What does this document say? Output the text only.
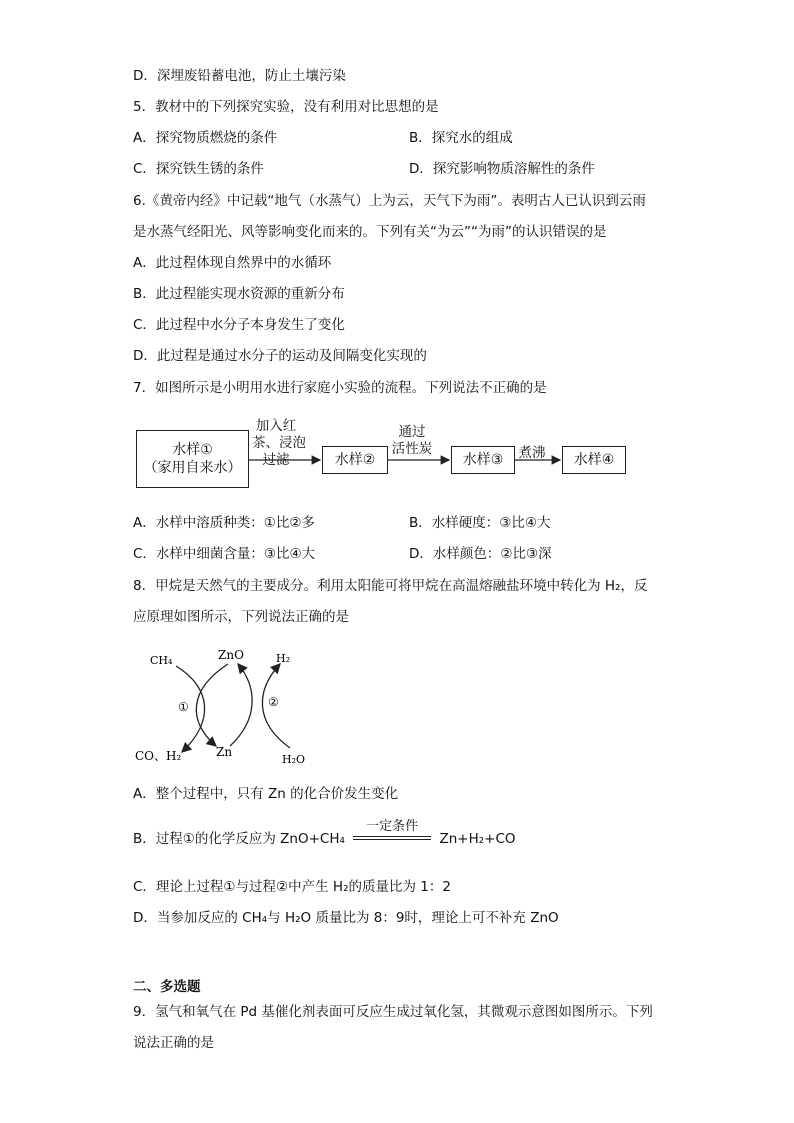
D．深埋废铅蓄电池，防止土壤污染
5．教材中的下列探究实验，没有利用对比思想的是
A．探究物质燃烧的条件	B．探究水的组成
C．探究铁生锈的条件	D．探究影响物质溶解性的条件
6.《黄帝内经》中记载“地气（水蒸气）上为云，天气下为雨”。表明古人已认识到云雨
是水蒸气经阳光、风等影响变化而来的。下列有关“为云”“为雨”的认识错误的是
A．此过程体现自然界中的水循环
B．此过程能实现水资源的重新分布
C．此过程中水分子本身发生了变化
D．此过程是通过水分子的运动及间隔变化实现的
7．如图所示是小明用水进行家庭小实验的流程。下列说法不正确的是
水样①
（家用自来水）
加入红
茶、浸泡
过滤	水样②
通过
活性炭
水样③	煮沸	水样④
A．水样中溶质种类：①比②多	B．水样硬度：③比④大
C．水样中细菌含量：③比④大	D．水样颜色：②比③深
8．甲烷是天然气的主要成分。利用太阳能可将甲烷在高温熔融盐环境中转化为 H₂，反
应原理如图所示，下列说法正确的是
CH₄	ZnO	H₂
①	②
CO、H₂	Zn
H₂O
A．整个过程中，只有 Zn 的化合价发生变化
B．过程①的化学反应为 ZnO+CH₄
一定条件
Zn+H₂+CO
C．理论上过程①与过程②中产生 H₂的质量比为 1：2
D．当参加反应的 CH₄与 H₂O 质量比为 8：9时，理论上可不补充 ZnO
二、多选题
9．氢气和氧气在 Pd 基催化剂表面可反应生成过氧化氢，其微观示意图如图所示。下列
说法正确的是
